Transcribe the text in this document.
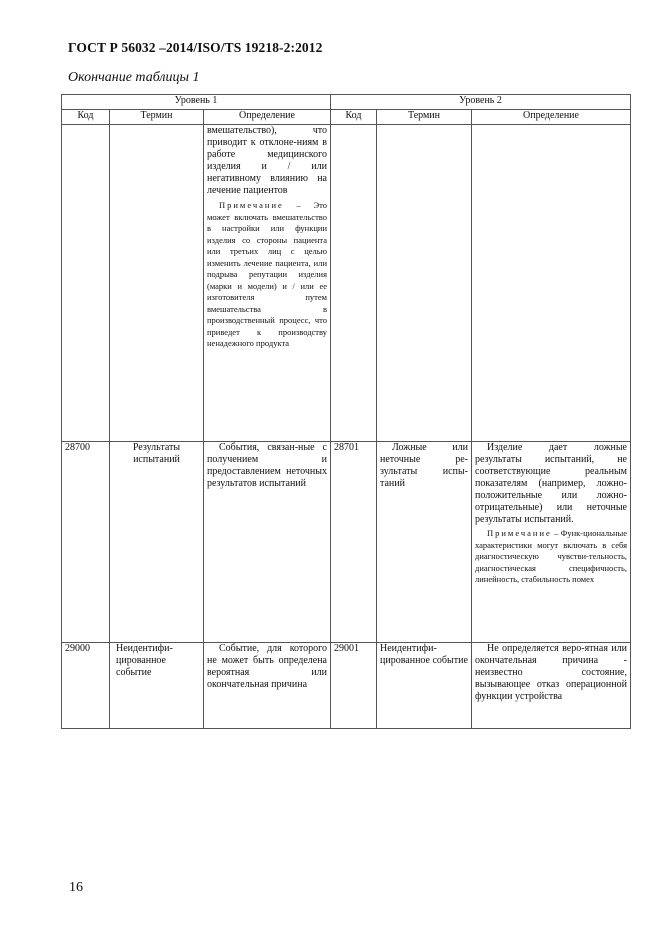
ГОСТ Р 56032 –2014/ISO/TS 19218-2:2012
Окончание таблицы 1
Уровень 1			Уровень 2		
Код	Термин	Определение	Код	Термин	Определение

		вмешательство), что приводит к отклоне-ниям в работе медицинского изделия и / или негативному влиянию на лечение пациентов
Примечание – Это может включать вмешательство в настройки или функции изделия со стороны пациента или третьих лиц с целью изменить лечение пациента, или подрыва репутации изделия (марки и модели) и / или ее изготовителя путем вмешательства в производственный процесс, что приведет к производству ненадежного продукта			

28700	Результаты испытаний	События, связан-ные с получением и предоставлением неточных результатов испытаний	28701	Ложные или неточные ре-зультаты испы-таний	Изделие дает ложные результаты испытаний, не соответствующие реальным показателям (например, ложно-положительные или ложно-отрицательные) или неточные результаты испытаний.
Примечание – Функ-циональные характеристики могут включать в себя диагностическую чувстви-тельность, диагностическая специфичность, линейность, стабильность помех

29000	Неидентифи-цированное событие	Событие, для которого не может быть определена вероятная или окончательная причина	29001	Неидентифи-цированное событие	Не определяется веро-ятная или окончательная причина - неизвестно состояние, вызывающее отказ операционной функции устройства
16
